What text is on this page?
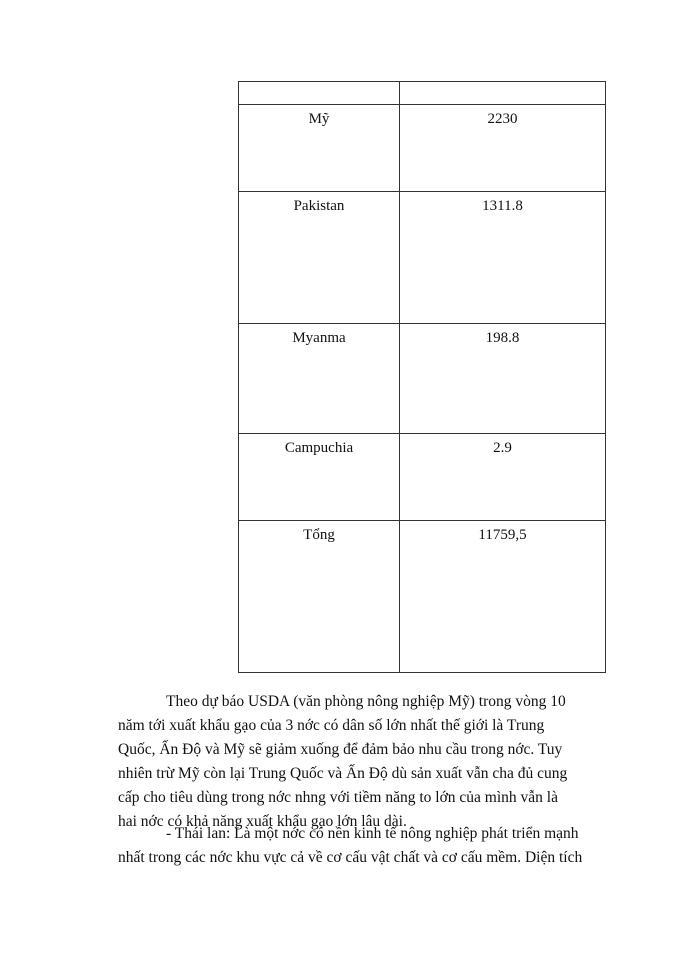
Mỹ	2230
Pakistan	1311.8
Myanma	198.8
Campuchia	2.9
Tổng	11759,5
Theo dự báo USDA (văn phòng nông nghiệp Mỹ) trong vòng 10
năm tới xuất khẩu gạo của 3 nớc có dân số lớn nhất thế giới là Trung
Quốc, Ấn Độ và Mỹ sẽ giảm xuống để đảm bảo nhu cầu trong nớc. Tuy
nhiên trừ Mỹ còn lại Trung Quốc và Ấn Độ dù sản xuất vẫn cha đủ cung
cấp cho tiêu dùng trong nớc nhng với tiềm năng to lớn của mình vẫn là
hai nớc có khả năng xuất khẩu gạo lớn lâu dài.
- Thái lan: Là một nớc có nền kinh tế nông nghiệp phát triển mạnh
nhất trong các nớc khu vực cả về cơ cấu vật chất và cơ cấu mềm. Diện tích
